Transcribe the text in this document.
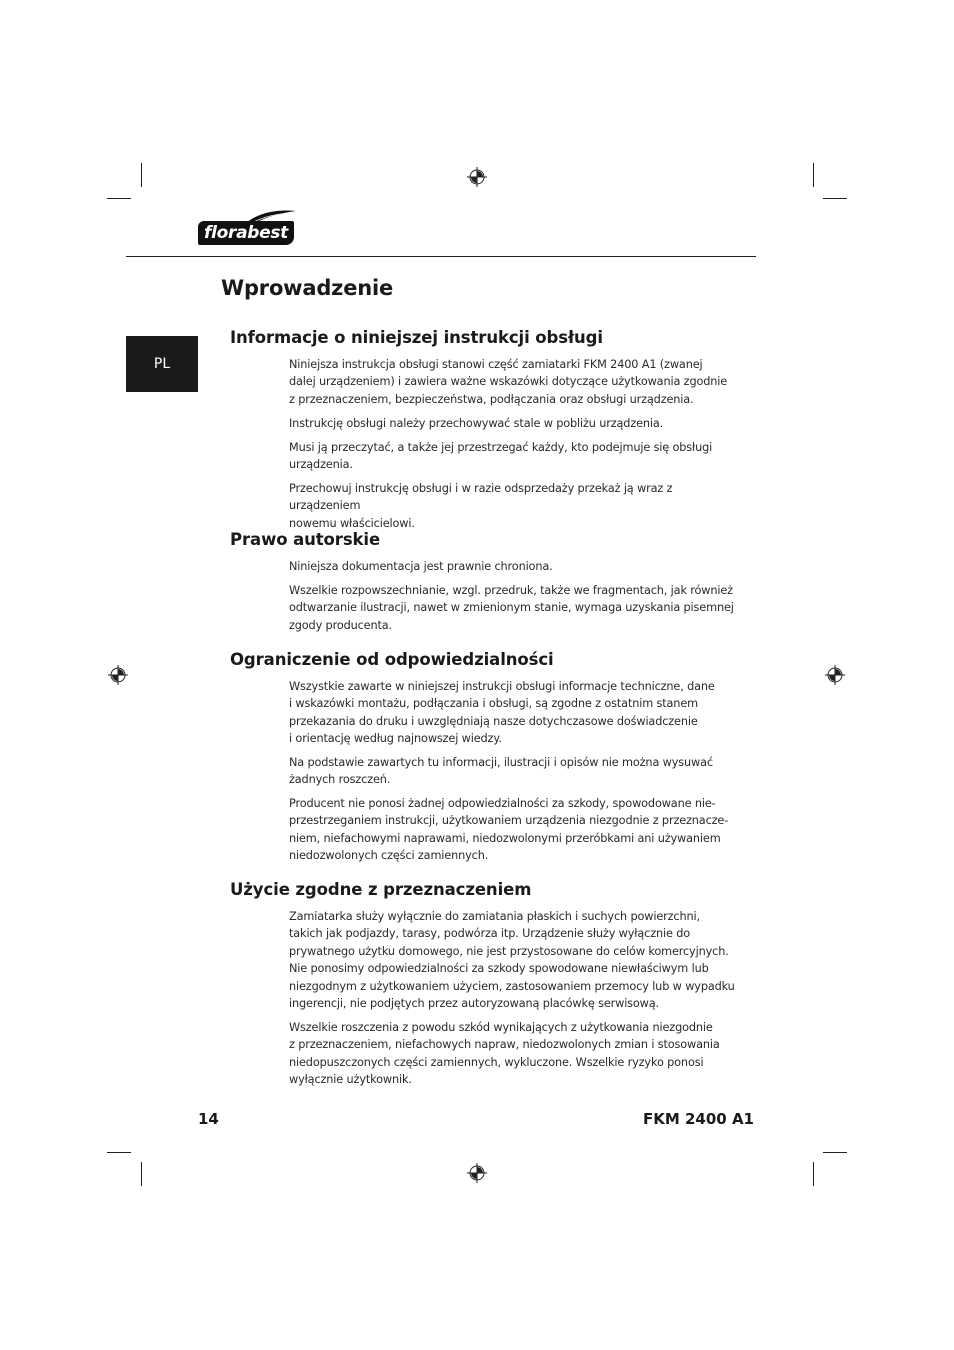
florabest
Wprowadzenie
PL
Informacje o niniejszej instrukcji obsługi

Niniejsza instrukcja obsługi stanowi część zamiatarki FKM 2400 A1 (zwanej
dalej urządzeniem) i zawiera ważne wskazówki dotyczące użytkowania zgodnie
z przeznaczeniem, bezpieczeństwa, podłączania oraz obsługi urządzenia.

Instrukcję obsługi należy przechowywać stale w pobliżu urządzenia.

Musi ją przeczytać, a także jej przestrzegać każdy, kto podejmuje się obsługi
urządzenia.

Przechowuj instrukcję obsługi i w razie odsprzedaży przekaż ją wraz z urządzeniem
nowemu właścicielowi.

Prawo autorskie

Niniejsza dokumentacja jest prawnie chroniona.

Wszelkie rozpowszechnianie, wzgl. przedruk, także we fragmentach, jak również
odtwarzanie ilustracji, nawet w zmienionym stanie, wymaga uzyskania pisemnej
zgody producenta.

Ograniczenie od odpowiedzialności

Wszystkie zawarte w niniejszej instrukcji obsługi informacje techniczne, dane
i wskazówki montażu, podłączania i obsługi, są zgodne z ostatnim stanem
przekazania do druku i uwzględniają nasze dotychczasowe doświadczenie
i orientację według najnowszej wiedzy.

Na podstawie zawartych tu informacji, ilustracji i opisów nie można wysuwać
żadnych roszczeń.

Producent nie ponosi żadnej odpowiedzialności za szkody, spowodowane nie-
przestrzeganiem instrukcji, użytkowaniem urządzenia niezgodnie z przeznacze-
niem, niefachowymi naprawami, niedozwolonymi przeróbkami ani używaniem
niedozwolonych części zamiennych.

Użycie zgodne z przeznaczeniem

Zamiatarka służy wyłącznie do zamiatania płaskich i suchych powierzchni,
takich jak podjazdy, tarasy, podwórza itp. Urządzenie służy wyłącznie do
prywatnego użytku domowego, nie jest przystosowane do celów komercyjnych.
Nie ponosimy odpowiedzialności za szkody spowodowane niewłaściwym lub
niezgodnym z użytkowaniem użyciem, zastosowaniem przemocy lub w wypadku
ingerencji, nie podjętych przez autoryzowaną placówkę serwisową.

Wszelkie roszczenia z powodu szkód wynikających z użytkowania niezgodnie
z przeznaczeniem, niefachowych napraw, niedozwolonych zmian i stosowania
niedopuszczonych części zamiennych, wykluczone. Wszelkie ryzyko ponosi
wyłącznie użytkownik.

14	FKM 2400 A1
